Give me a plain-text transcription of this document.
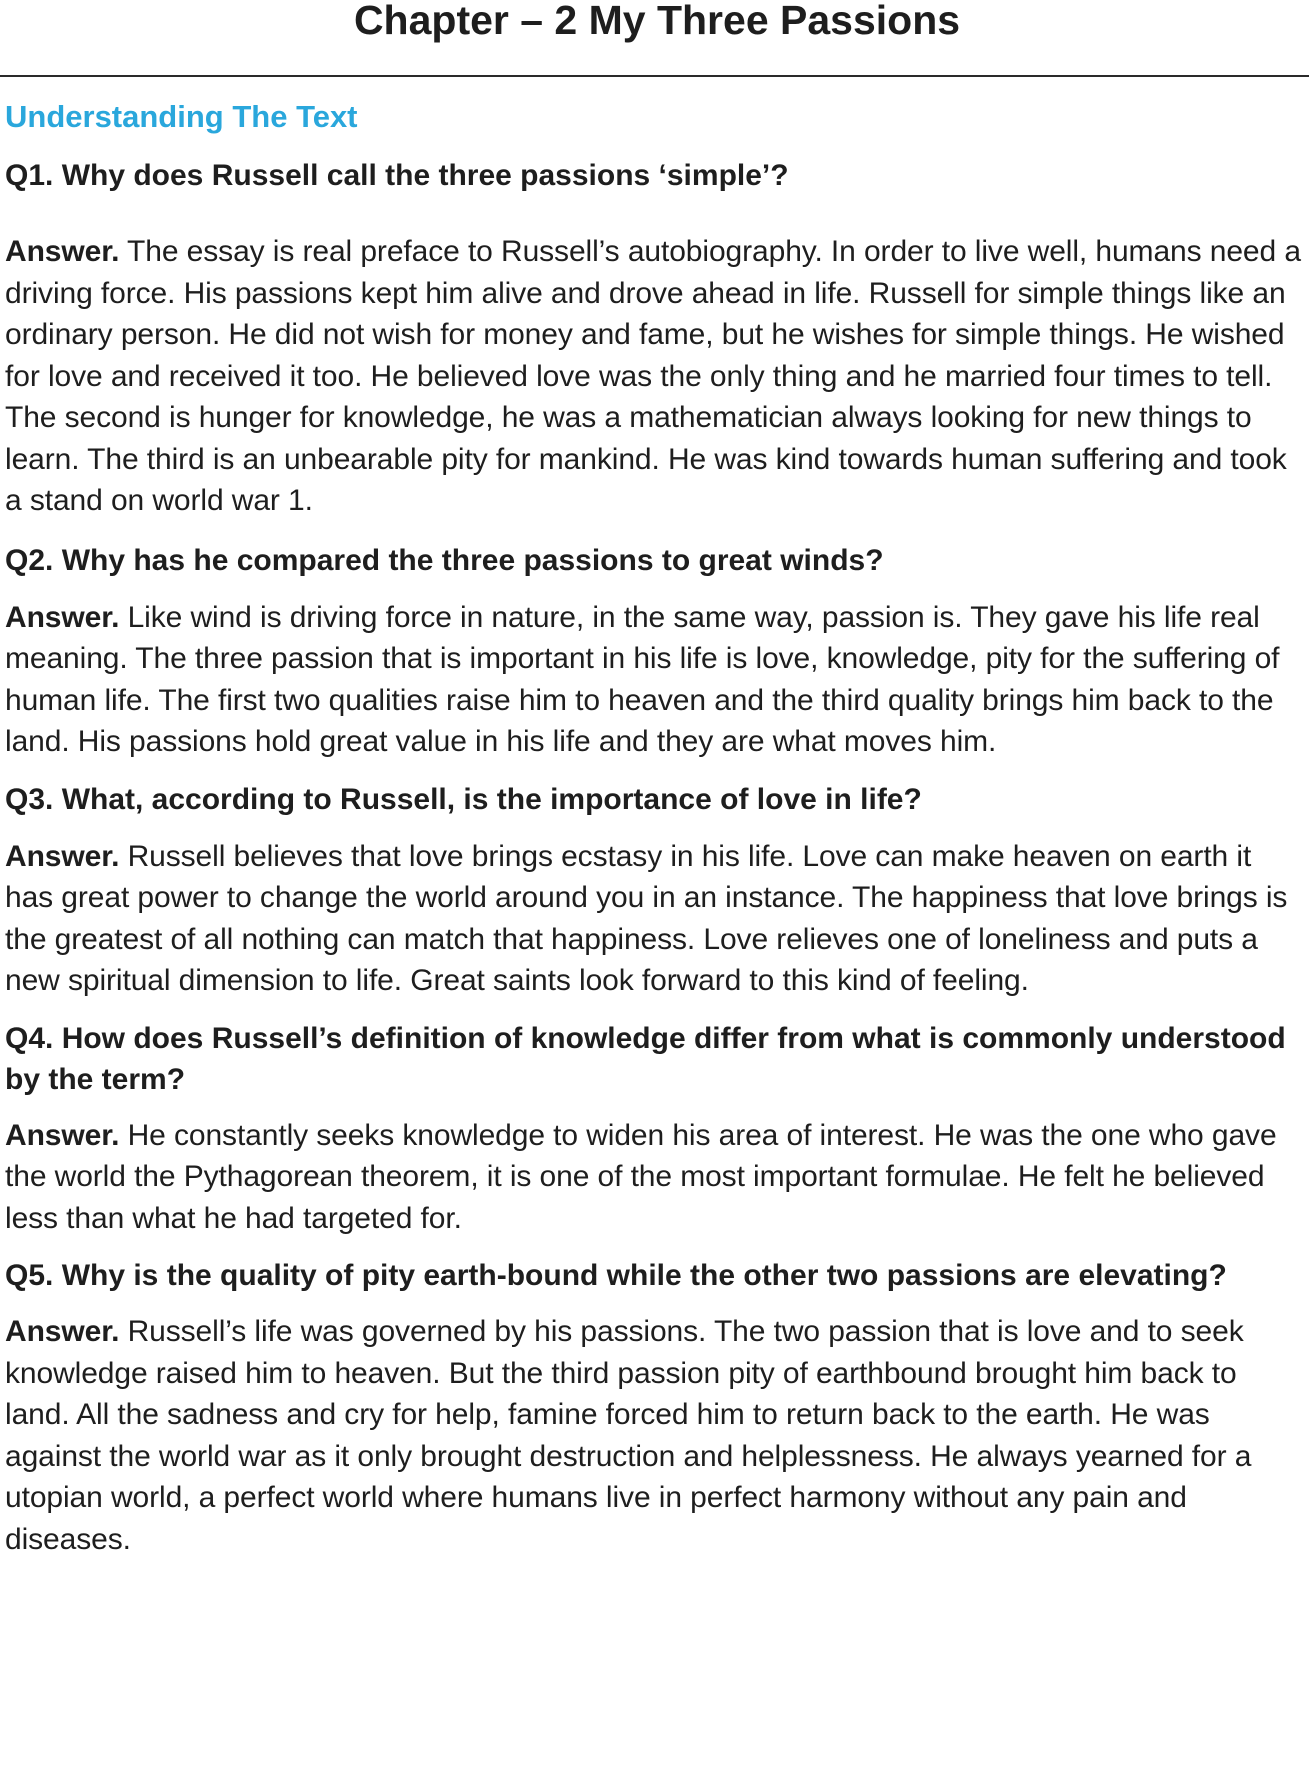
Chapter – 2 My Three Passions
Understanding The Text

Q1. Why does Russell call the three passions ‘simple’?

Answer. The essay is real preface to Russell’s autobiography. In order to live well, humans need a driving force. His passions kept him alive and drove ahead in life. Russell for simple things like an ordinary person. He did not wish for money and fame, but he wishes for simple things. He wished for love and received it too. He believed love was the only thing and he married four times to tell. The second is hunger for knowledge, he was a mathematician always looking for new things to learn. The third is an unbearable pity for mankind. He was kind towards human suffering and took a stand on world war 1.

Q2. Why has he compared the three passions to great winds?

Answer. Like wind is driving force in nature, in the same way, passion is. They gave his life real meaning. The three passion that is important in his life is love, knowledge, pity for the suffering of human life. The first two qualities raise him to heaven and the third quality brings him back to the land. His passions hold great value in his life and they are what moves him.

Q3. What, according to Russell, is the importance of love in life?

Answer. Russell believes that love brings ecstasy in his life. Love can make heaven on earth it has great power to change the world around you in an instance. The happiness that love brings is the greatest of all nothing can match that happiness. Love relieves one of loneliness and puts a new spiritual dimension to life. Great saints look forward to this kind of feeling.

Q4. How does Russell’s definition of knowledge differ from what is commonly understood by the term?

Answer. He constantly seeks knowledge to widen his area of interest. He was the one who gave the world the Pythagorean theorem, it is one of the most important formulae. He felt he believed less than what he had targeted for.

Q5. Why is the quality of pity earth-bound while the other two passions are elevating?

Answer. Russell’s life was governed by his passions. The two passion that is love and to seek knowledge raised him to heaven. But the third passion pity of earthbound brought him back to land. All the sadness and cry for help, famine forced him to return back to the earth. He was against the world war as it only brought destruction and helplessness. He always yearned for a utopian world, a perfect world where humans live in perfect harmony without any pain and diseases.
